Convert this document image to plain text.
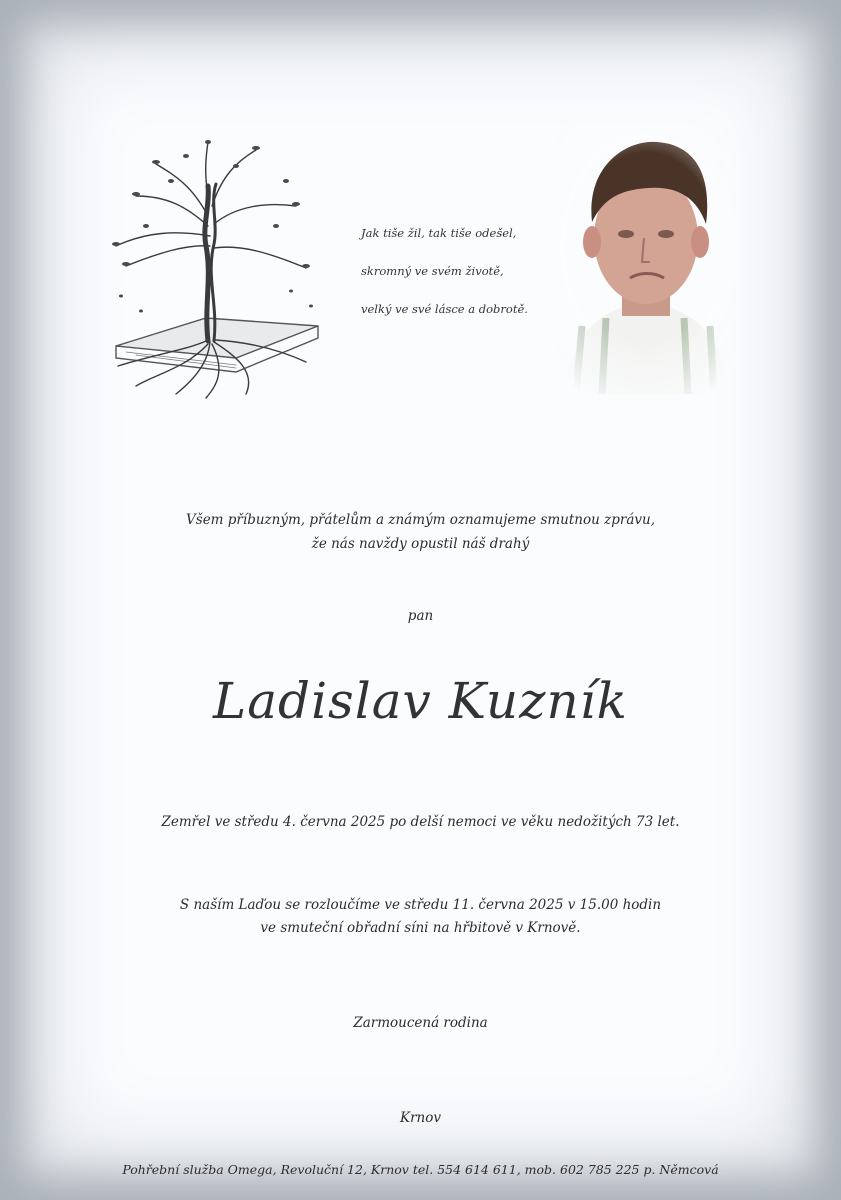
Jak tiše žil, tak tiše odešel,

skromný ve svém životě,

velký ve své lásce a dobrotě.

Všem příbuzným, přátelům a známým oznamujeme smutnou zprávu,
že nás navždy opustil náš drahý
pan
Ladislav Kuzník
Zemřel ve středu 4. června 2025 po delší nemoci ve věku nedožitých 73 let.
S naším Laďou se rozloučíme ve středu 11. června 2025 v 15.00 hodin
ve smuteční obřadní síni na hřbitově v Krnově.
Zarmoucená rodina
Krnov
Pohřební služba Omega, Revoluční 12, Krnov tel. 554 614 611, mob. 602 785 225 p. Němcová
